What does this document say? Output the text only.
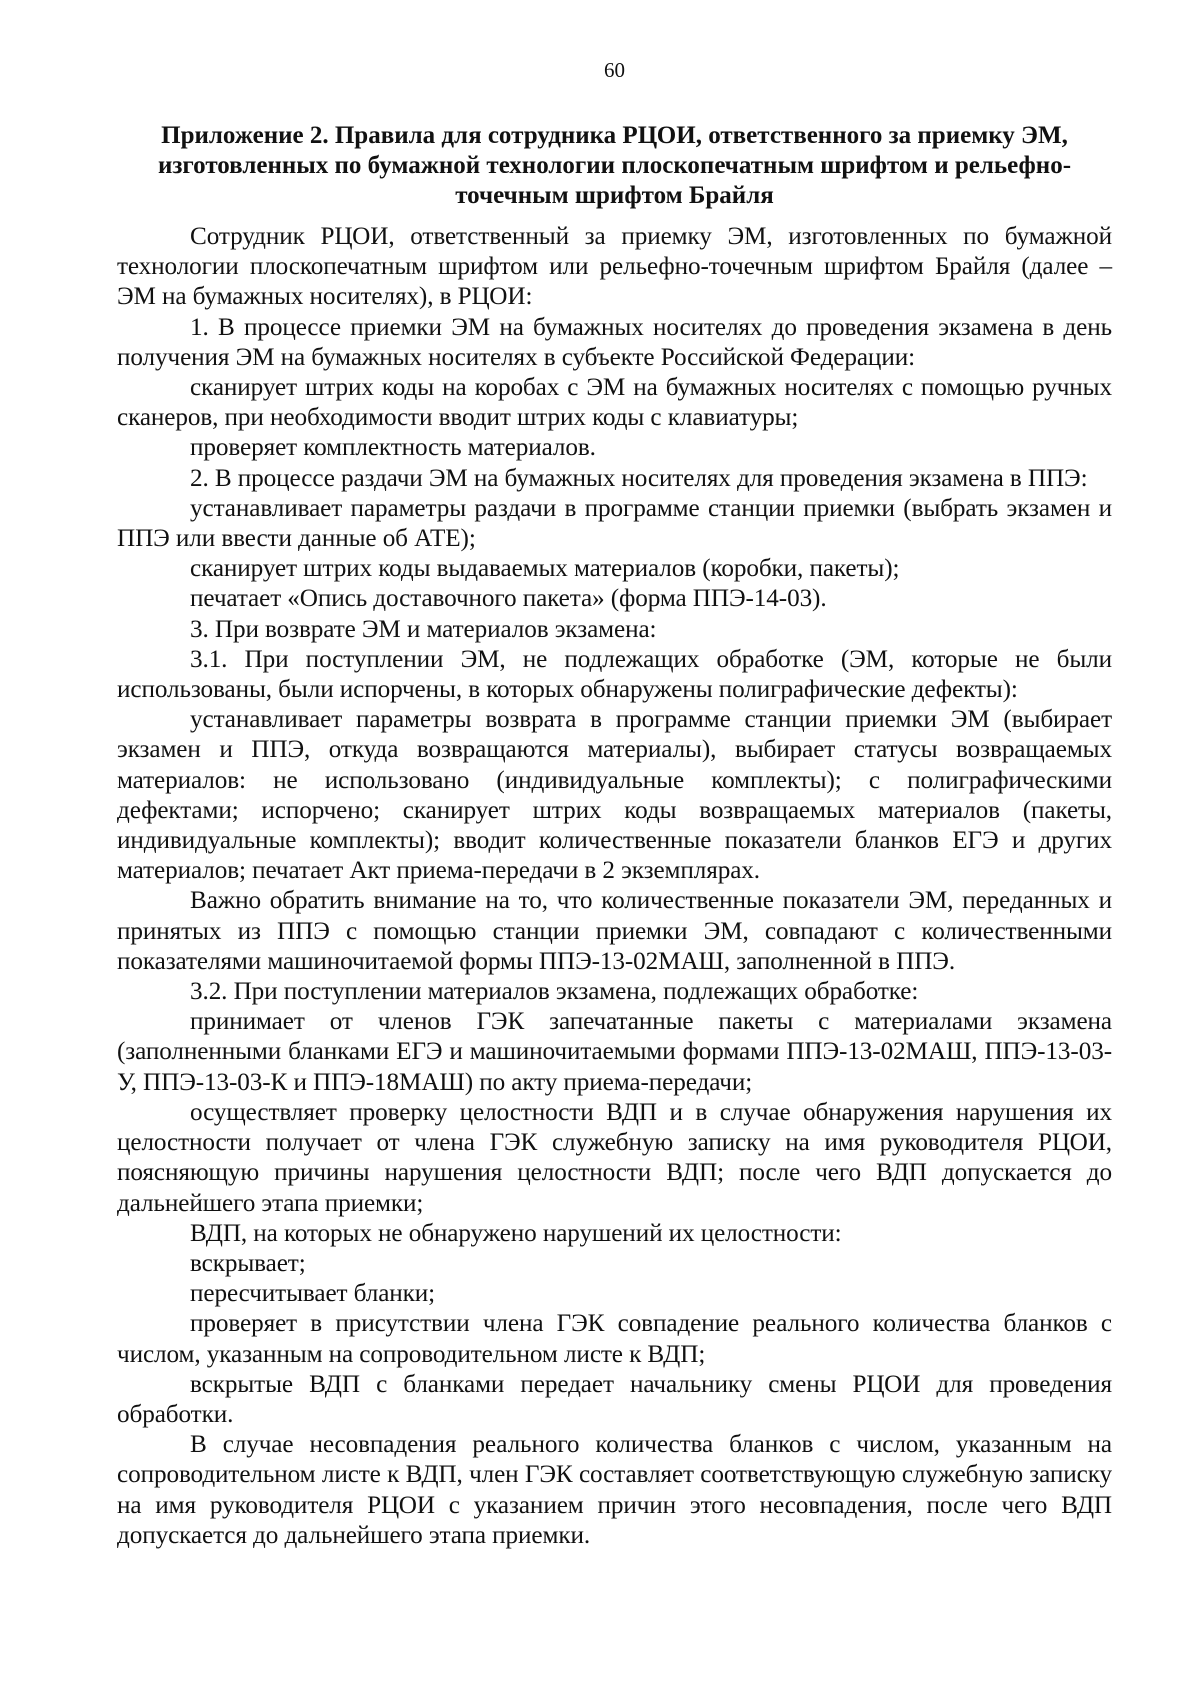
60
Приложение 2. Правила для сотрудника РЦОИ, ответственного за приемку ЭМ, изготовленных по бумажной технологии плоскопечатным шрифтом и рельефно-точечным шрифтом Брайля

Сотрудник РЦОИ, ответственный за приемку ЭМ, изготовленных по бумажной технологии плоскопечатным шрифтом или рельефно-точечным шрифтом Брайля (далее – ЭМ на бумажных носителях), в РЦОИ:

1. В процессе приемки ЭМ на бумажных носителях до проведения экзамена в день получения ЭМ на бумажных носителях в субъекте Российской Федерации:

сканирует штрих коды на коробах с ЭМ на бумажных носителях с помощью ручных сканеров, при необходимости вводит штрих коды с клавиатуры;

проверяет комплектность материалов.

2. В процессе раздачи ЭМ на бумажных носителях для проведения экзамена в ППЭ:

устанавливает параметры раздачи в программе станции приемки (выбрать экзамен и ППЭ или ввести данные об АТЕ);

сканирует штрих коды выдаваемых материалов (коробки, пакеты);

печатает «Опись доставочного пакета» (форма ППЭ-14-03).

3. При возврате ЭМ и материалов экзамена:

3.1. При поступлении ЭМ, не подлежащих обработке (ЭМ, которые не были использованы, были испорчены, в которых обнаружены полиграфические дефекты):

устанавливает параметры возврата в программе станции приемки ЭМ (выбирает экзамен и ППЭ, откуда возвращаются материалы), выбирает статусы возвращаемых материалов: не использовано (индивидуальные комплекты); с полиграфическими дефектами; испорчено; сканирует штрих коды возвращаемых материалов (пакеты, индивидуальные комплекты); вводит количественные показатели бланков ЕГЭ и других материалов; печатает Акт приема-передачи в 2 экземплярах.

Важно обратить внимание на то, что количественные показатели ЭМ, переданных и принятых из ППЭ с помощью станции приемки ЭМ, совпадают с количественными показателями машиночитаемой формы ППЭ-13-02МАШ, заполненной в ППЭ.

3.2. При поступлении материалов экзамена, подлежащих обработке:

принимает от членов ГЭК запечатанные пакеты с материалами экзамена (заполненными бланками ЕГЭ и машиночитаемыми формами ППЭ-13-02МАШ, ППЭ-13-03-У, ППЭ-13-03-К и ППЭ-18МАШ) по акту приема-передачи;

осуществляет проверку целостности ВДП и в случае обнаружения нарушения их целостности получает от члена ГЭК служебную записку на имя руководителя РЦОИ, поясняющую причины нарушения целостности ВДП; после чего ВДП допускается до дальнейшего этапа приемки;

ВДП, на которых не обнаружено нарушений их целостности:

вскрывает;

пересчитывает бланки;

проверяет в присутствии члена ГЭК совпадение реального количества бланков с числом, указанным на сопроводительном листе к ВДП;

вскрытые ВДП с бланками передает начальнику смены РЦОИ для проведения обработки.

В случае несовпадения реального количества бланков с числом, указанным на сопроводительном листе к ВДП, член ГЭК составляет соответствующую служебную записку на имя руководителя РЦОИ с указанием причин этого несовпадения, после чего ВДП допускается до дальнейшего этапа приемки.
